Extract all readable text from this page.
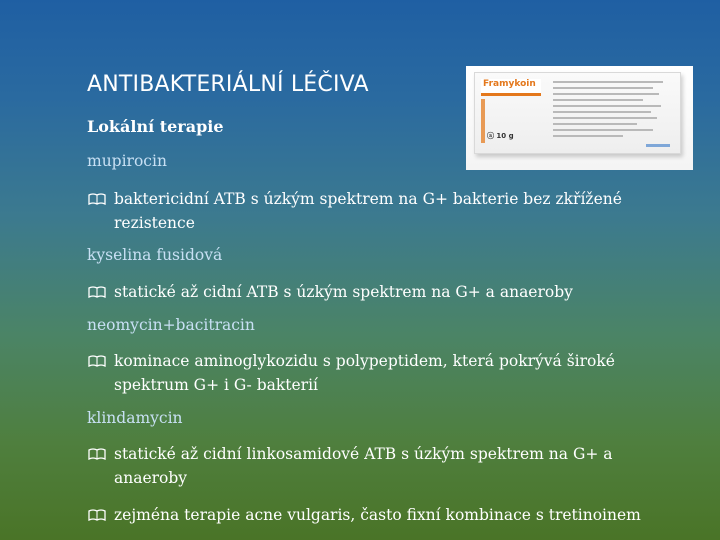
ANTIBAKTERIÁLNÍ LÉČIVA	Framykoin
ⓐ 10 g
Lokální terapie
mupirocin
baktericidní ATB s úzkým spektrem na G+ bakterie bez zkřížené rezistence
kyselina fusidová
statické až cidní ATB s úzkým spektrem na G+ a anaeroby
neomycin+bacitracin
kominace aminoglykozidu s polypeptidem, která pokrývá široké spektrum G+ i G- bakterií
klindamycin
statické až cidní linkosamidové ATB s úzkým spektrem na G+ a anaeroby
zejména terapie acne vulgaris, často fixní kombinace s tretinoinem
